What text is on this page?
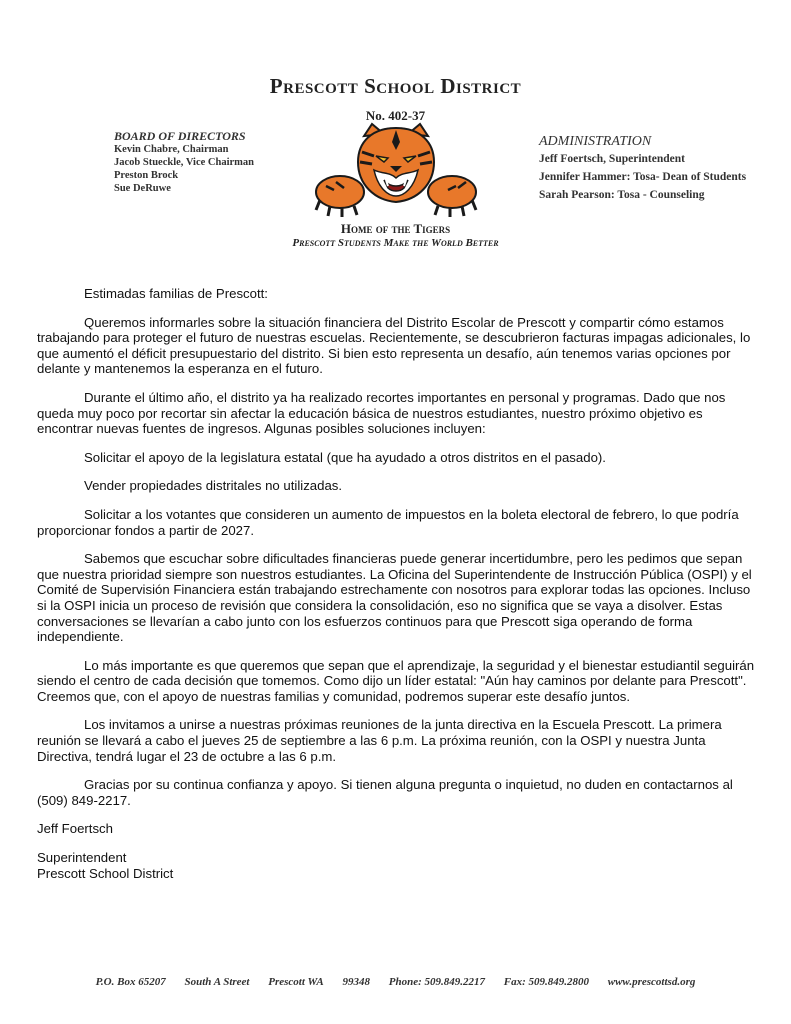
Prescott School District
No. 402-37
BOARD OF DIRECTORS
Kevin Chabre, Chairman
Jacob Stueckle, Vice Chairman
Preston Brock
Sue DeRuwe
ADMINISTRATION
Jeff Foertsch, Superintendent
Jennifer Hammer: Tosa- Dean of Students
Sarah Pearson: Tosa - Counseling
Home of the Tigers
Prescott Students Make the World Better

Estimadas familias de Prescott:

Queremos informarles sobre la situación financiera del Distrito Escolar de Prescott y compartir cómo estamos trabajando para proteger el futuro de nuestras escuelas. Recientemente, se descubrieron facturas impagas adicionales, lo que aumentó el déficit presupuestario del distrito. Si bien esto representa un desafío, aún tenemos varias opciones por delante y mantenemos la esperanza en el futuro.

Durante el último año, el distrito ya ha realizado recortes importantes en personal y programas. Dado que nos queda muy poco por recortar sin afectar la educación básica de nuestros estudiantes, nuestro próximo objetivo es encontrar nuevas fuentes de ingresos. Algunas posibles soluciones incluyen:

Solicitar el apoyo de la legislatura estatal (que ha ayudado a otros distritos en el pasado).

Vender propiedades distritales no utilizadas.

Solicitar a los votantes que consideren un aumento de impuestos en la boleta electoral de febrero, lo que podría proporcionar fondos a partir de 2027.

Sabemos que escuchar sobre dificultades financieras puede generar incertidumbre, pero les pedimos que sepan que nuestra prioridad siempre son nuestros estudiantes. La Oficina del Superintendente de Instrucción Pública (OSPI) y el Comité de Supervisión Financiera están trabajando estrechamente con nosotros para explorar todas las opciones. Incluso si la OSPI inicia un proceso de revisión que considera la consolidación, eso no significa que se vaya a disolver. Estas conversaciones se llevarían a cabo junto con los esfuerzos continuos para que Prescott siga operando de forma independiente.

Lo más importante es que queremos que sepan que el aprendizaje, la seguridad y el bienestar estudiantil seguirán siendo el centro de cada decisión que tomemos. Como dijo un líder estatal: "Aún hay caminos por delante para Prescott". Creemos que, con el apoyo de nuestras familias y comunidad, podremos superar este desafío juntos.

Los invitamos a unirse a nuestras próximas reuniones de la junta directiva en la Escuela Prescott. La primera reunión se llevará a cabo el jueves 25 de septiembre a las 6 p.m. La próxima reunión, con la OSPI y nuestra Junta Directiva, tendrá lugar el 23 de octubre a las 6 p.m.

Gracias por su continua confianza y apoyo. Si tienen alguna pregunta o inquietud, no duden en contactarnos al (509) 849-2217.

Jeff Foertsch

Superintendent
Prescott School District
P.O. Box 65207 South A Street Prescott WA 99348 Phone: 509.849.2217 Fax: 509.849.2800 www.prescottsd.org
